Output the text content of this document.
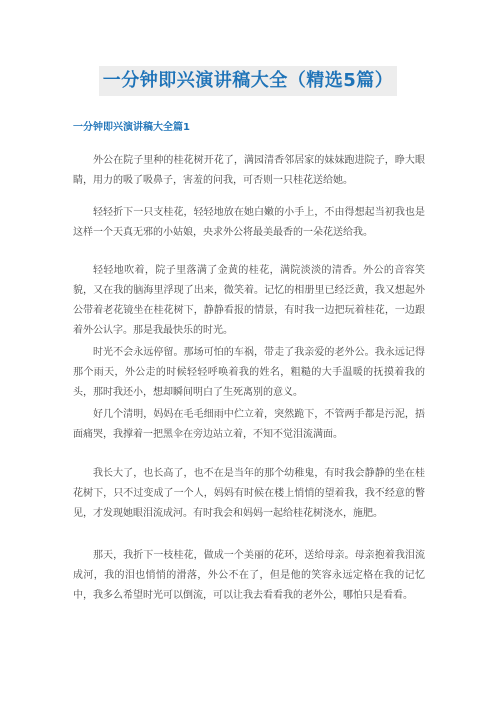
一分钟即兴演讲稿大全（精选5篇）
一分钟即兴演讲稿大全篇1

外公在院子里种的桂花树开花了，满园清香邻居家的妹妹跑进院子，睁大眼睛，用力的吸了吸鼻子，害羞的问我，可否则一只桂花送给她。

轻轻折下一只支桂花，轻轻地放在她白嫩的小手上，不由得想起当初我也是这样一个天真无邪的小姑娘，央求外公将最美最香的一朵花送给我。

轻轻地吹着，院子里落满了金黄的桂花，满院淡淡的清香。外公的音容笑貌，又在我的脑海里浮现了出来，微笑着。记忆的相册里已经泛黄，我又想起外公带着老花镜坐在桂花树下，静静看报的情景，有时我一边把玩着桂花，一边跟着外公认字。那是我最快乐的时光。

时光不会永远停留。那场可怕的车祸，带走了我亲爱的老外公。我永远记得那个雨天，外公走的时候轻轻呼唤着我的姓名，粗糙的大手温暖的抚摸着我的头，那时我还小，想却瞬间明白了生死离别的意义。

好几个清明，妈妈在毛毛细雨中伫立着，突然跪下，不管两手都是污泥，捂面痛哭，我撑着一把黑伞在旁边站立着，不知不觉泪流满面。

我长大了，也长高了，也不在是当年的那个幼稚鬼，有时我会静静的坐在桂花树下，只不过变成了一个人，妈妈有时候在楼上悄悄的望着我，我不经意的瞥见，才发现她眼泪流成河。有时我会和妈妈一起给桂花树浇水，施肥。

那天，我折下一枝桂花，做成一个美丽的花环，送给母亲。母亲抱着我泪流成河，我的泪也悄悄的滑落，外公不在了，但是他的笑容永远定格在我的记忆中，我多么希望时光可以倒流，可以让我去看看我的老外公，哪怕只是看看。
